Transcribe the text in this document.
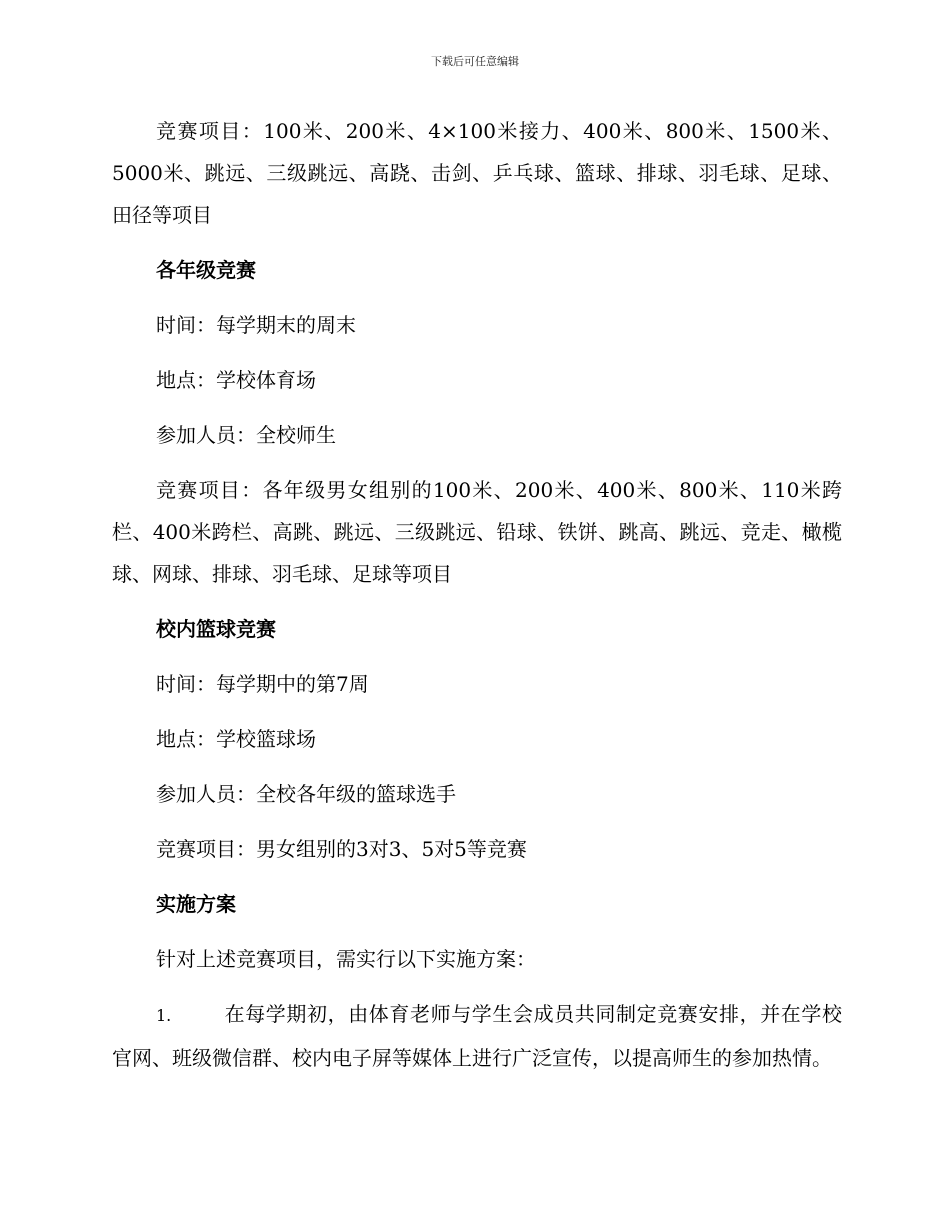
下载后可任意编辑

竞赛项目：100米、200米、4×100米接力、400米、800米、1500米、5000米、跳远、三级跳远、高跷、击剑、乒乓球、篮球、排球、羽毛球、足球、田径等项目

各年级竞赛

时间：每学期末的周末

地点：学校体育场

参加人员：全校师生

竞赛项目：各年级男女组别的100米、200米、400米、800米、110米跨栏、400米跨栏、高跳、跳远、三级跳远、铅球、铁饼、跳高、跳远、竞走、橄榄球、网球、排球、羽毛球、足球等项目

校内篮球竞赛

时间：每学期中的第7周

地点：学校篮球场

参加人员：全校各年级的篮球选手

竞赛项目：男女组别的3对3、5对5等竞赛

实施方案

针对上述竞赛项目，需实行以下实施方案：

1.	在每学期初，由体育老师与学生会成员共同制定竞赛安排，并在学校官网、班级微信群、校内电子屏等媒体上进行广泛宣传，以提高师生的参加热情。
